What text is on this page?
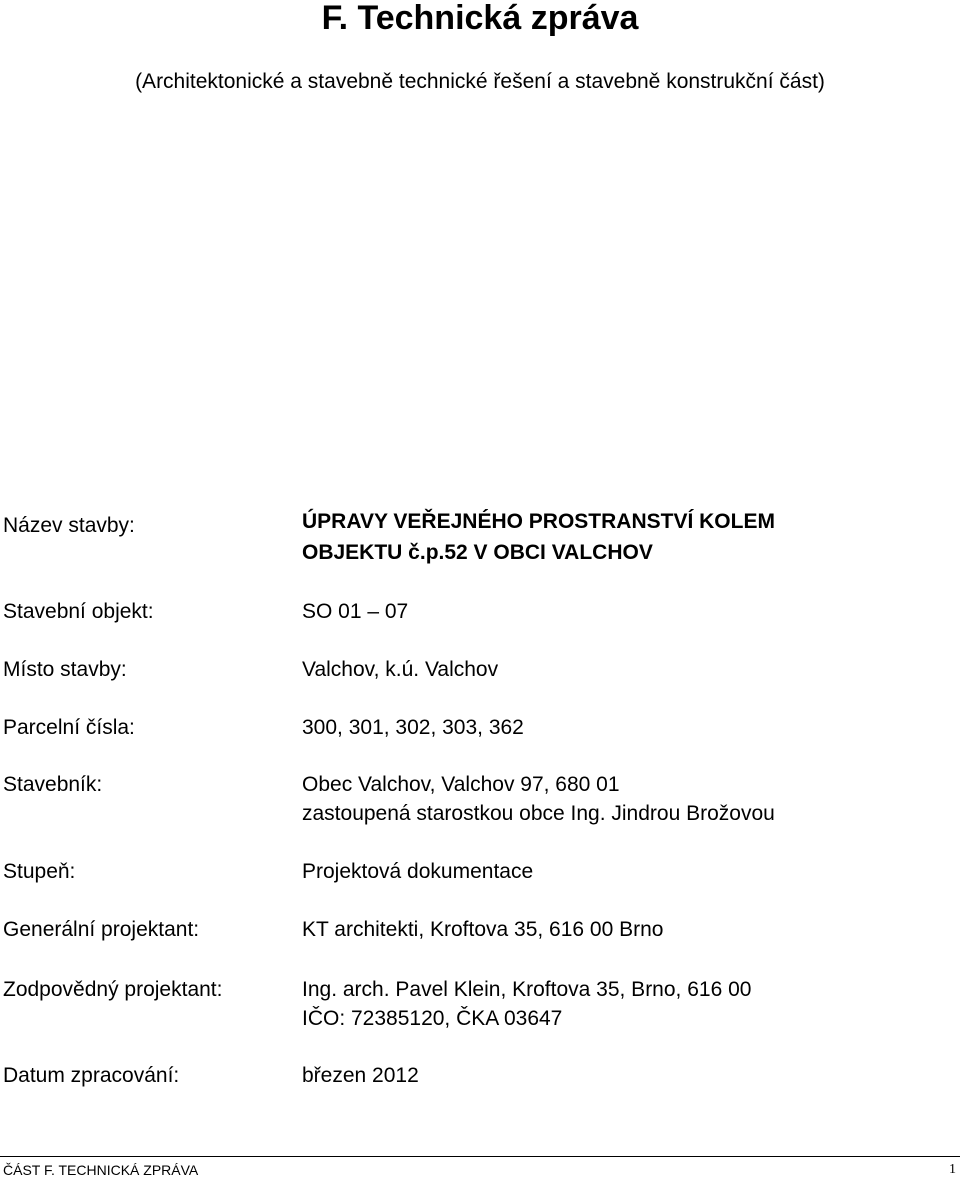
F. Technická zpráva
(Architektonické a stavebně technické řešení a stavebně konstrukční část)
Název stavby:	ÚPRAVY VEŘEJNÉHO PROSTRANSTVÍ KOLEM
OBJEKTU č.p.52 V OBCI VALCHOV
Stavební objekt:	SO 01 – 07
Místo stavby:	Valchov, k.ú. Valchov
Parcelní čísla:	300, 301, 302, 303, 362
Stavebník:	Obec Valchov, Valchov 97, 680 01
zastoupená starostkou obce Ing. Jindrou Brožovou
Stupeň:	Projektová dokumentace
Generální projektant:	KT architekti, Kroftova 35, 616 00 Brno
Zodpovědný projektant:	Ing. arch. Pavel Klein, Kroftova 35, Brno, 616 00
IČO: 72385120, ČKA 03647
Datum zpracování:	březen 2012
ČÁST F. TECHNICKÁ ZPRÁVA	1
